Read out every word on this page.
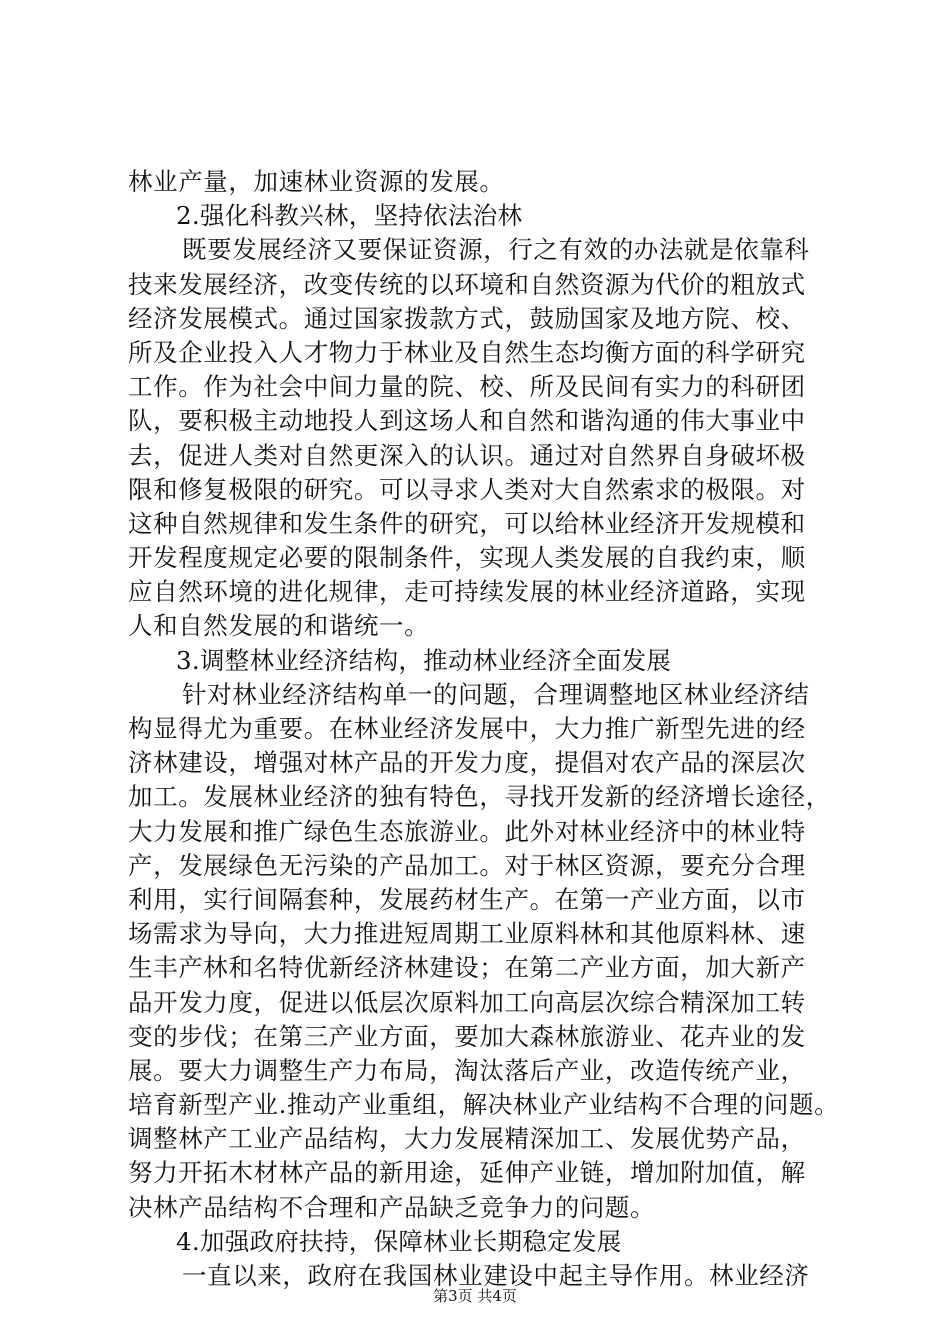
林业产量，加速林业资源的发展。
2.强化科教兴林，坚持依法治林
既要发展经济又要保证资源，行之有效的办法就是依靠科
技来发展经济，改变传统的以环境和自然资源为代价的粗放式
经济发展模式。通过国家拨款方式，鼓励国家及地方院、校、
所及企业投入人才物力于林业及自然生态均衡方面的科学研究
工作。作为社会中间力量的院、校、所及民间有实力的科研团
队，要积极主动地投人到这场人和自然和谐沟通的伟大事业中
去，促进人类对自然更深入的认识。通过对自然界自身破坏极
限和修复极限的研究。可以寻求人类对大自然索求的极限。对
这种自然规律和发生条件的研究，可以给林业经济开发规模和
开发程度规定必要的限制条件，实现人类发展的自我约束，顺
应自然环境的进化规律，走可持续发展的林业经济道路，实现
人和自然发展的和谐统一。
3.调整林业经济结构，推动林业经济全面发展
针对林业经济结构单一的问题，合理调整地区林业经济结
构显得尤为重要。在林业经济发展中，大力推广新型先进的经
济林建设，增强对林产品的开发力度，提倡对农产品的深层次
加工。发展林业经济的独有特色，寻找开发新的经济增长途径，
大力发展和推广绿色生态旅游业。此外对林业经济中的林业特
产，发展绿色无污染的产品加工。对于林区资源，要充分合理
利用，实行间隔套种，发展药材生产。在第一产业方面，以市
场需求为导向，大力推进短周期工业原料林和其他原料林、速
生丰产林和名特优新经济林建设；在第二产业方面，加大新产
品开发力度，促进以低层次原料加工向高层次综合精深加工转
变的步伐；在第三产业方面，要加大森林旅游业、花卉业的发
展。要大力调整生产力布局，淘汰落后产业，改造传统产业，
培育新型产业.推动产业重组，解决林业产业结构不合理的问题。
调整林产工业产品结构，大力发展精深加工、发展优势产品，
努力开拓木材林产品的新用途，延伸产业链，增加附加值，解
决林产品结构不合理和产品缺乏竞争力的问题。
4.加强政府扶持，保障林业长期稳定发展
一直以来，政府在我国林业建设中起主导作用。林业经济
第3页 共4页
